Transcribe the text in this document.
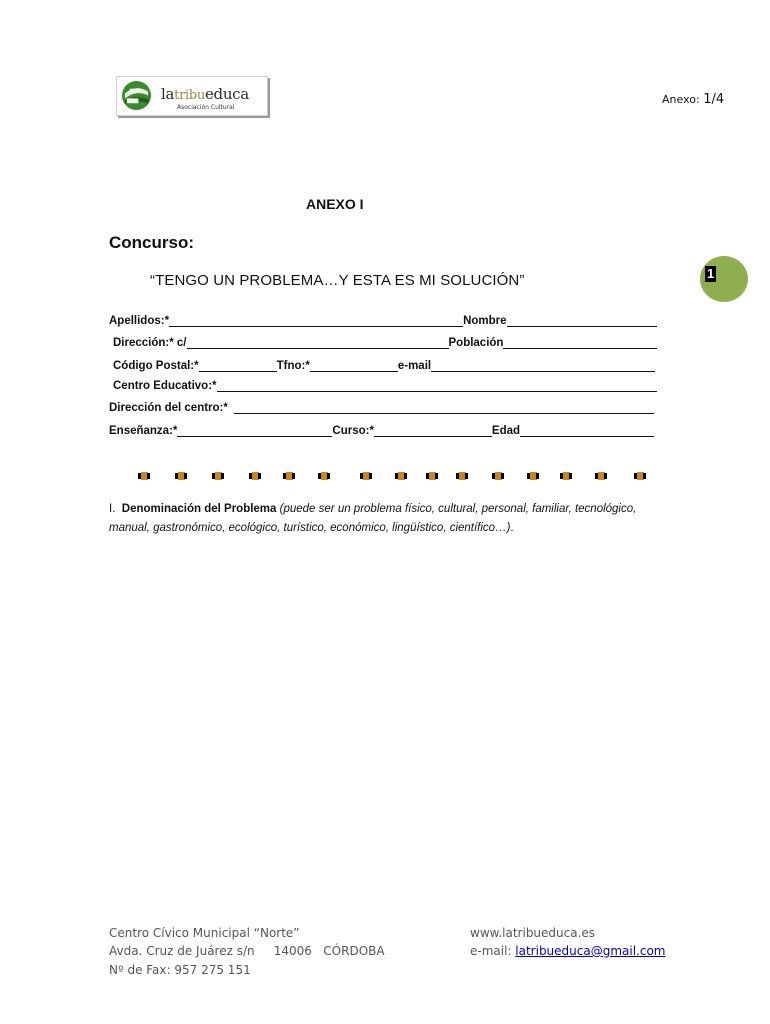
latribueduca
Asociación Cultural
Anexo: 1/4
ANEXO I
Concurso:
“TENGO UN PROBLEMA…Y ESTA ES MI SOLUCIÓN”	1
Apellidos:*	Nombre
Dirección:* c/	Población
Código Postal:*	Tfno:*	e-mail
Centro Educativo:*
Dirección del centro:*
Enseñanza:*	Curso:*	Edad
I. Denominación del Problema (puede ser un problema físico, cultural, personal, familiar, tecnológico, manual, gastronómico, ecológico, turístico, económico, lingüístico, científico…).
Centro Cívico Municipal “Norte”
Avda. Cruz de Juárez s/n     14006   CÓRDOBA
Nº de Fax: 957 275 151
www.latribueduca.es
e-mail: latribueduca@gmail.com
